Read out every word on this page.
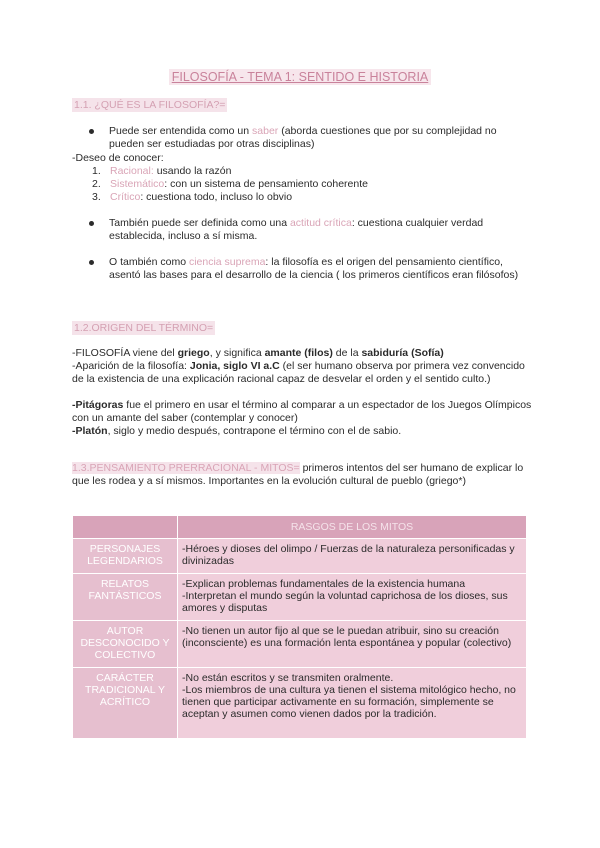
FILOSOFÍA - TEMA 1: SENTIDO E HISTORIA
1.1. ¿QUÉ ES LA FILOSOFÍA?=
Puede ser entendida como un saber (aborda cuestiones que por su complejidad no pueden ser estudiadas por otras disciplinas)
-Deseo de conocer:
1. Racional: usando la razón
2. Sistemático: con un sistema de pensamiento coherente
3. Crítico: cuestiona todo, incluso lo obvio
También puede ser definida como una actitud crítica: cuestiona cualquier verdad establecida, incluso a sí misma.
O también como ciencia suprema: la filosofía es el origen del pensamiento científico, asentó las bases para el desarrollo de la ciencia ( los primeros científicos eran filósofos)
1.2.ORIGEN DEL TÉRMINO=
-FILOSOFÍA viene del griego, y significa amante (filos) de la sabiduría (Sofía)
-Aparición de la filosofía: Jonia, siglo VI a.C (el ser humano observa por primera vez convencido de la existencia de una explicación racional capaz de desvelar el orden y el sentido culto.)
-Pitágoras fue el primero en usar el término al comparar a un espectador de los Juegos Olímpicos con un amante del saber (contemplar y conocer)
-Platón, siglo y medio después, contrapone el término con el de sabio.
1.3.PENSAMIENTO PRERRACIONAL - MITOS= primeros intentos del ser humano de explicar lo que les rodea y a sí mismos. Importantes en la evolución cultural de pueblo (griego*)
	RASGOS DE LOS MITOS
PERSONAJES LEGENDARIOS	-Héroes y dioses del olimpo / Fuerzas de la naturaleza personificadas y divinizadas
RELATOS FANTÁSTICOS	-Explican problemas fundamentales de la existencia humana
-Interpretan el mundo según la voluntad caprichosa de los dioses, sus amores y disputas
AUTOR DESCONOCIDO Y COLECTIVO	-No tienen un autor fijo al que se le puedan atribuir, sino su creación (inconsciente) es una formación lenta espontánea y popular (colectivo)
CARÁCTER TRADICIONAL Y ACRÍTICO	-No están escritos y se transmiten oralmente.
-Los miembros de una cultura ya tienen el sistema mitológico hecho, no tienen que participar activamente en su formación, simplemente se aceptan y asumen como vienen dados por la tradición.
